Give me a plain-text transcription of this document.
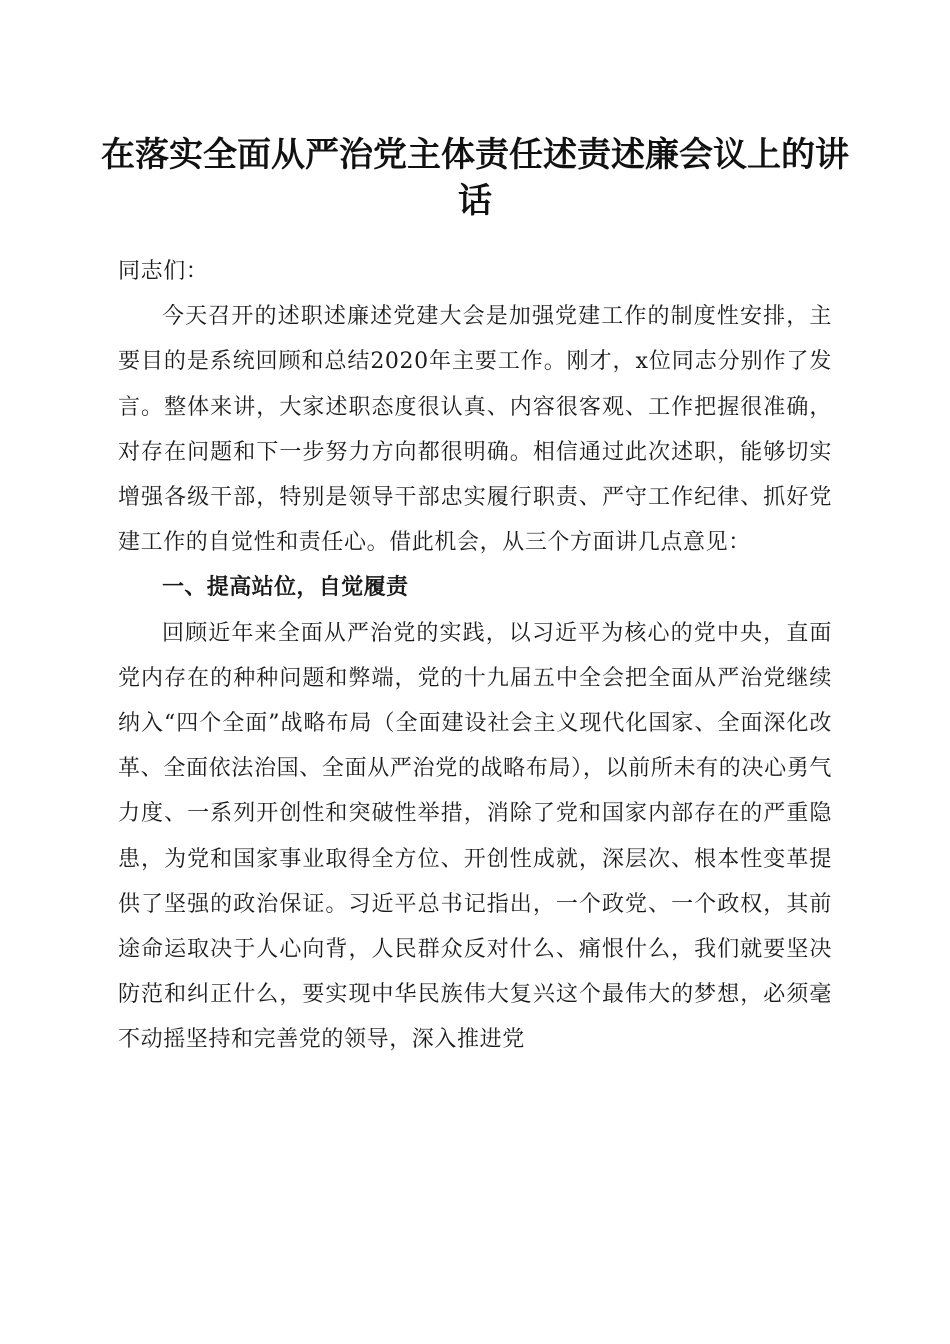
在落实全面从严治党主体责任述责述廉会议上的讲话

同志们：

今天召开的述职述廉述党建大会是加强党建工作的制度性安排，主要目的是系统回顾和总结2020年主要工作。刚才，x位同志分别作了发言。整体来讲，大家述职态度很认真、内容很客观、工作把握很准确，对存在问题和下一步努力方向都很明确。相信通过此次述职，能够切实增强各级干部，特别是领导干部忠实履行职责、严守工作纪律、抓好党建工作的自觉性和责任心。借此机会，从三个方面讲几点意见：

一、提高站位，自觉履责

回顾近年来全面从严治党的实践，以习近平为核心的党中央，直面党内存在的种种问题和弊端，党的十九届五中全会把全面从严治党继续纳入“四个全面”战略布局（全面建设社会主义现代化国家、全面深化改革、全面依法治国、全面从严治党的战略布局），以前所未有的决心勇气力度、一系列开创性和突破性举措，消除了党和国家内部存在的严重隐患，为党和国家事业取得全方位、开创性成就，深层次、根本性变革提供了坚强的政治保证。习近平总书记指出，一个政党、一个政权，其前途命运取决于人心向背，人民群众反对什么、痛恨什么，我们就要坚决防范和纠正什么，要实现中华民族伟大复兴这个最伟大的梦想，必须毫不动摇坚持和完善党的领导，深入推进党
